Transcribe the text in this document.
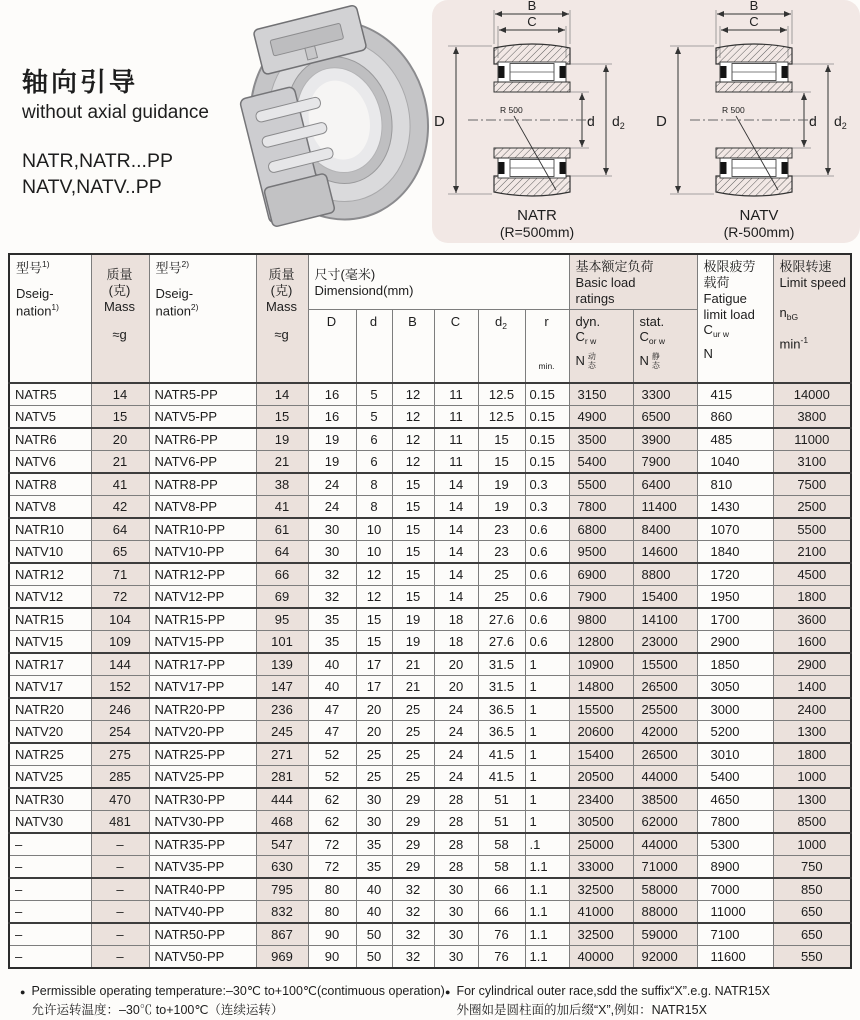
轴向引导
without axial guidance
NATR,NATR...PP
NATV,NATV..PP
B
C
D	d $d_2$
R 500
NATR
(R=500mm)
NATV
(R-500mm)
型号$^{1)}$
Dseig-
nation$^{1)}$

质量
(克)
Mass
≈g

型号$^{2)}$
Dseig-
nation$^{2)}$

质量
(克)
Mass
≈g

尺寸(毫米)
Dimensiond(mm)

基本额定负荷
Basic load
ratings

极限疲劳
载荷
Fatigue
limit load
$C_{ur w}$
N

极限转速
Limit speed
$n_{bG}$
$\min^{-1}$

D	d	B	C	$d_2$	r
min.

dyn.
$C_{r w}$
N 动
态

stat.
$C_{or w}$
N 静
态

NATR5	14	NATR5-PP	14	16	5	12	11	12.5	0.15	3150	3300	415	14000
NATV5	15	NATV5-PP	15	16	5	12	11	12.5	0.15	4900	6500	860	3800
NATR6	20	NATR6-PP	19	19	6	12	11	15	0.15	3500	3900	485	11000
NATV6	21	NATV6-PP	21	19	6	12	11	15	0.15	5400	7900	1040	3100
NATR8	41	NATR8-PP	38	24	8	15	14	19	0.3	5500	6400	810	7500
NATV8	42	NATV8-PP	41	24	8	15	14	19	0.3	7800	11400	1430	2500
NATR10	64	NATR10-PP	61	30	10	15	14	23	0.6	6800	8400	1070	5500
NATV10	65	NATV10-PP	64	30	10	15	14	23	0.6	9500	14600	1840	2100
NATR12	71	NATR12-PP	66	32	12	15	14	25	0.6	6900	8800	1720	4500
NATV12	72	NATV12-PP	69	32	12	15	14	25	0.6	7900	15400	1950	1800
NATR15	104	NATR15-PP	95	35	15	19	18	27.6	0.6	9800	14100	1700	3600
NATV15	109	NATV15-PP	101	35	15	19	18	27.6	0.6	12800	23000	2900	1600
NATR17	144	NATR17-PP	139	40	17	21	20	31.5	1	10900	15500	1850	2900
NATV17	152	NATV17-PP	147	40	17	21	20	31.5	1	14800	26500	3050	1400
NATR20	246	NATR20-PP	236	47	20	25	24	36.5	1	15500	25500	3000	2400
NATV20	254	NATV20-PP	245	47	20	25	24	36.5	1	20600	42000	5200	1300
NATR25	275	NATR25-PP	271	52	25	25	24	41.5	1	15400	26500	3010	1800
NATV25	285	NATV25-PP	281	52	25	25	24	41.5	1	20500	44000	5400	1000
NATR30	470	NATR30-PP	444	62	30	29	28	51	1	23400	38500	4650	1300
NATV30	481	NATV30-PP	468	62	30	29	28	51	1	30500	62000	7800	8500
–	–	NATR35-PP	547	72	35	29	28	58	.1	25000	44000	5300	1000
–	–	NATV35-PP	630	72	35	29	28	58	1.1	33000	71000	8900	750
–	–	NATR40-PP	795	80	40	32	30	66	1.1	32500	58000	7000	850
–	–	NATV40-PP	832	80	40	32	30	66	1.1	41000	88000	11000	650
–	–	NATR50-PP	867	90	50	32	30	76	1.1	32500	59000	7100	650
–	–	NATV50-PP	969	90	50	32	30	76	1.1	40000	92000	11600	550
● Permissible operating temperature:–30℃ to+100℃(contimuous operation)
允许运转温度：–30℃ to+100℃（连续运转）
● For cylindrical outer race,sdd the suffix“X”.e.g. NATR15X
外圈如是圆柱面的加后缀“X”,例如：NATR15X
